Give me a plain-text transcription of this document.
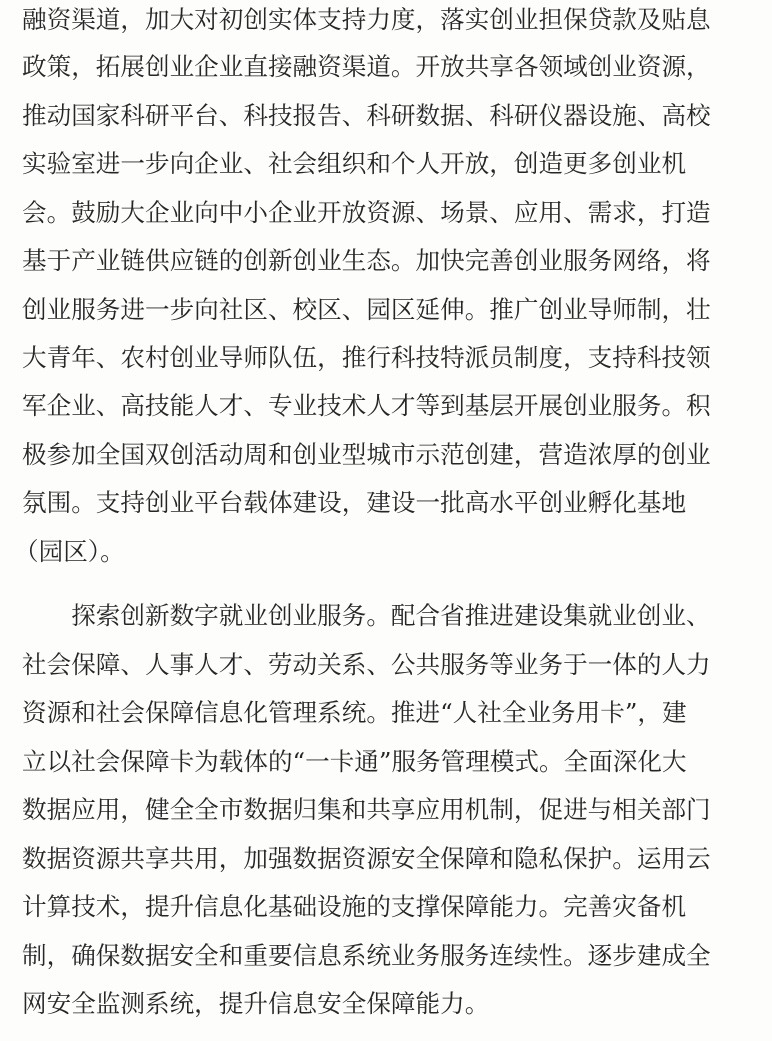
融资渠道，加大对初创实体支持力度，落实创业担保贷款及贴息
政策，拓展创业企业直接融资渠道。开放共享各领域创业资源，
推动国家科研平台、科技报告、科研数据、科研仪器设施、高校
实验室进一步向企业、社会组织和个人开放，创造更多创业机
会。鼓励大企业向中小企业开放资源、场景、应用、需求，打造
基于产业链供应链的创新创业生态。加快完善创业服务网络，将
创业服务进一步向社区、校区、园区延伸。推广创业导师制，壮
大青年、农村创业导师队伍，推行科技特派员制度，支持科技领
军企业、高技能人才、专业技术人才等到基层开展创业服务。积
极参加全国双创活动周和创业型城市示范创建，营造浓厚的创业
氛围。支持创业平台载体建设，建设一批高水平创业孵化基地
（园区）。
　　探索创新数字就业创业服务。配合省推进建设集就业创业、
社会保障、人事人才、劳动关系、公共服务等业务于一体的人力
资源和社会保障信息化管理系统。推进“人社全业务用卡”，建
立以社会保障卡为载体的“一卡通”服务管理模式。全面深化大
数据应用，健全全市数据归集和共享应用机制，促进与相关部门
数据资源共享共用，加强数据资源安全保障和隐私保护。运用云
计算技术，提升信息化基础设施的支撑保障能力。完善灾备机
制，确保数据安全和重要信息系统业务服务连续性。逐步建成全
网安全监测系统，提升信息安全保障能力。
